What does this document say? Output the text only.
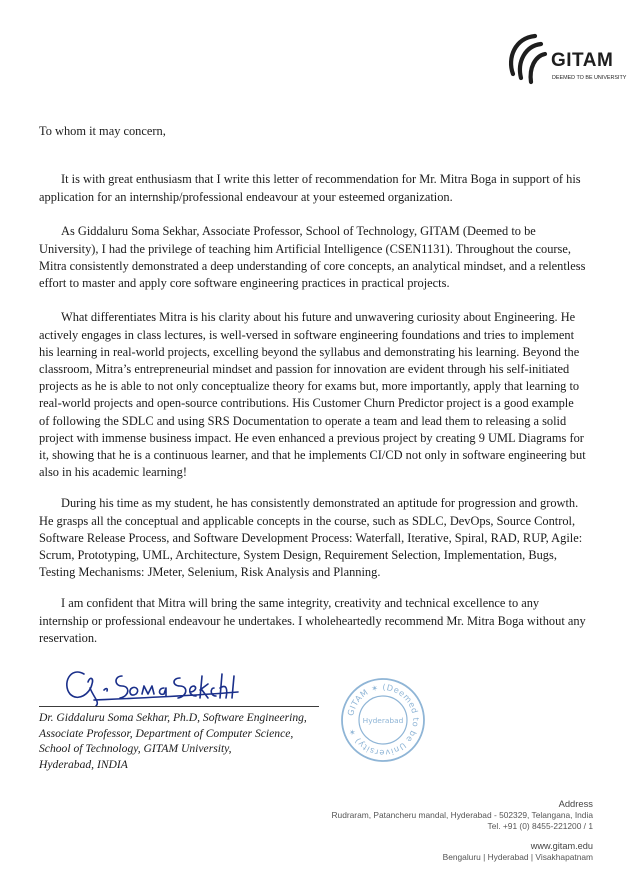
GITAM
DEEMED TO BE UNIVERSITY
To whom it may concern,

It is with great enthusiasm that I write this letter of recommendation for Mr. Mitra Boga in support of his application for an internship/professional endeavour at your esteemed organization.

As Giddaluru Soma Sekhar, Associate Professor, School of Technology, GITAM (Deemed to be University), I had the privilege of teaching him Artificial Intelligence (CSEN1131). Throughout the course, Mitra consistently demonstrated a deep understanding of core concepts, an analytical mindset, and a relentless effort to master and apply core software engineering practices in practical projects.

What differentiates Mitra is his clarity about his future and unwavering curiosity about Engineering. He actively engages in class lectures, is well-versed in software engineering foundations and tries to implement his learning in real-world projects, excelling beyond the syllabus and demonstrating his learning. Beyond the classroom, Mitra’s entrepreneurial mindset and passion for innovation are evident through his self-initiated projects as he is able to not only conceptualize theory for exams but, more importantly, apply that learning to real-world projects and open-source contributions. His Customer Churn Predictor project is a good example of following the SDLC and using SRS Documentation to operate a team and lead them to releasing a solid project with immense business impact. He even enhanced a previous project by creating 9 UML Diagrams for it, showing that he is a continuous learner, and that he implements CI/CD not only in software engineering but also in his academic learning!

During his time as my student, he has consistently demonstrated an aptitude for progression and growth. He grasps all the conceptual and applicable concepts in the course, such as SDLC, DevOps, Source Control, Software Release Process, and Software Development Process: Waterfall, Iterative, Spiral, RAD, RUP, Agile: Scrum, Prototyping, UML, Architecture, System Design, Requirement Selection, Implementation, Bugs, Testing Mechanisms: JMeter, Selenium, Risk Analysis and Planning.

I am confident that Mitra will bring the same integrity, creativity and technical excellence to any internship or professional endeavour he undertakes. I wholeheartedly recommend Mr. Mitra Boga without any reservation.

Dr. Giddaluru Soma Sekhar, Ph.D, Software Engineering,
Associate Professor, Department of Computer Science,
School of Technology, GITAM University,
Hyderabad, INDIA
GITAM ✶ (Deemed to be University) ✶
Hyderabad
Address
Rudraram, Patancheru mandal, Hyderabad - 502329, Telangana, India
Tel. +91 (0) 8455-221200 / 1
www.gitam.edu
Bengaluru | Hyderabad | Visakhapatnam
